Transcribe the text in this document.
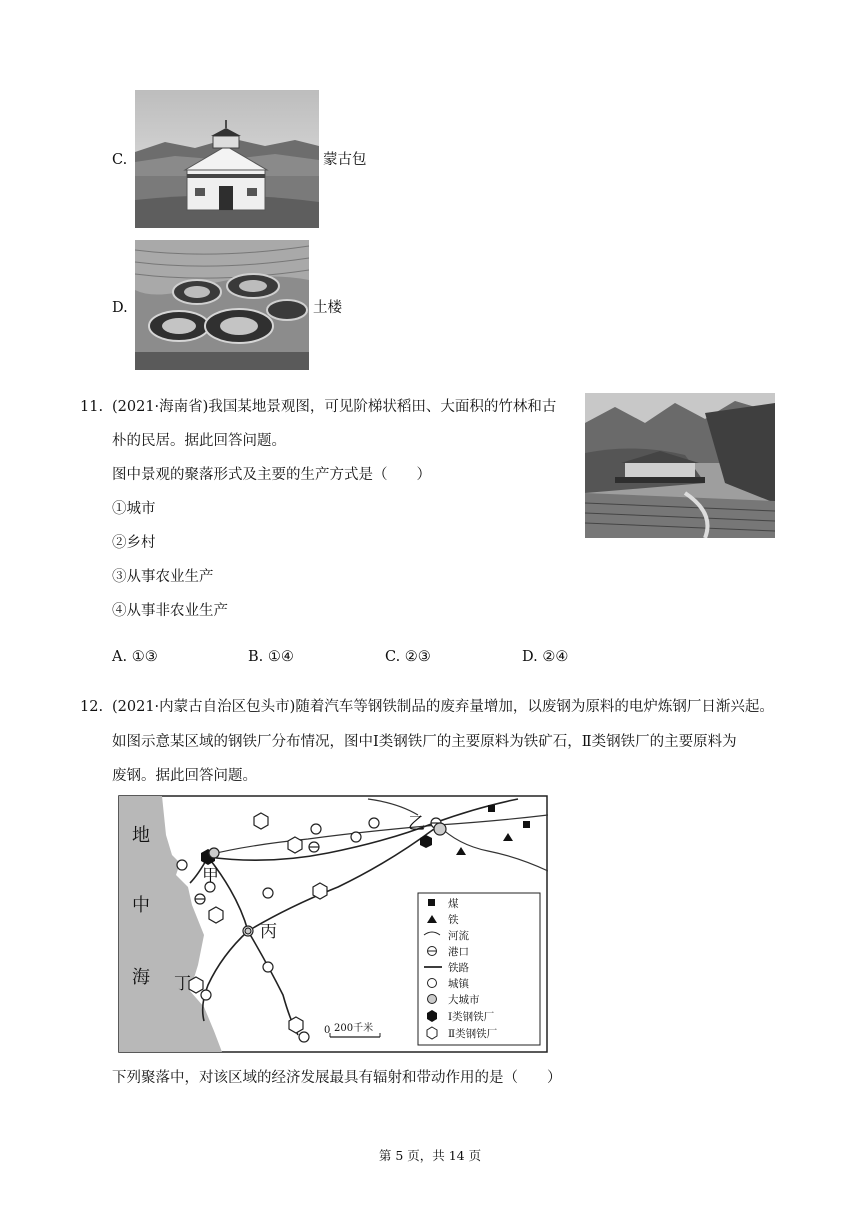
C.	蒙古包
D.	土楼
11. (2021·海南省)我国某地景观图，可见阶梯状稻田、大面积的竹林和古
朴的民居。据此回答问题。
图中景观的聚落形式及主要的生产方式是（　　）
①城市
②乡村
③从事农业生产
④从事非农业生产
A. ①③	B. ①④	C. ②③	D. ②④
12. (2021·内蒙古自治区包头市)随着汽车等钢铁制品的废弃量增加，以废钢为原料的电炉炼钢厂日渐兴起。
如图示意某区域的钢铁厂分布情况，图中Ⅰ类钢铁厂的主要原料为铁矿石，Ⅱ类钢铁厂的主要原料为
废钢。据此回答问题。
地
中
海
乙
甲
丙
丁
0 200千米
煤
铁
河流
港口
铁路
城镇
大城市
Ⅰ类钢铁厂
Ⅱ类钢铁厂
下列聚落中，对该区域的经济发展最具有辐射和带动作用的是（　　）
第 5 页，共 14 页
